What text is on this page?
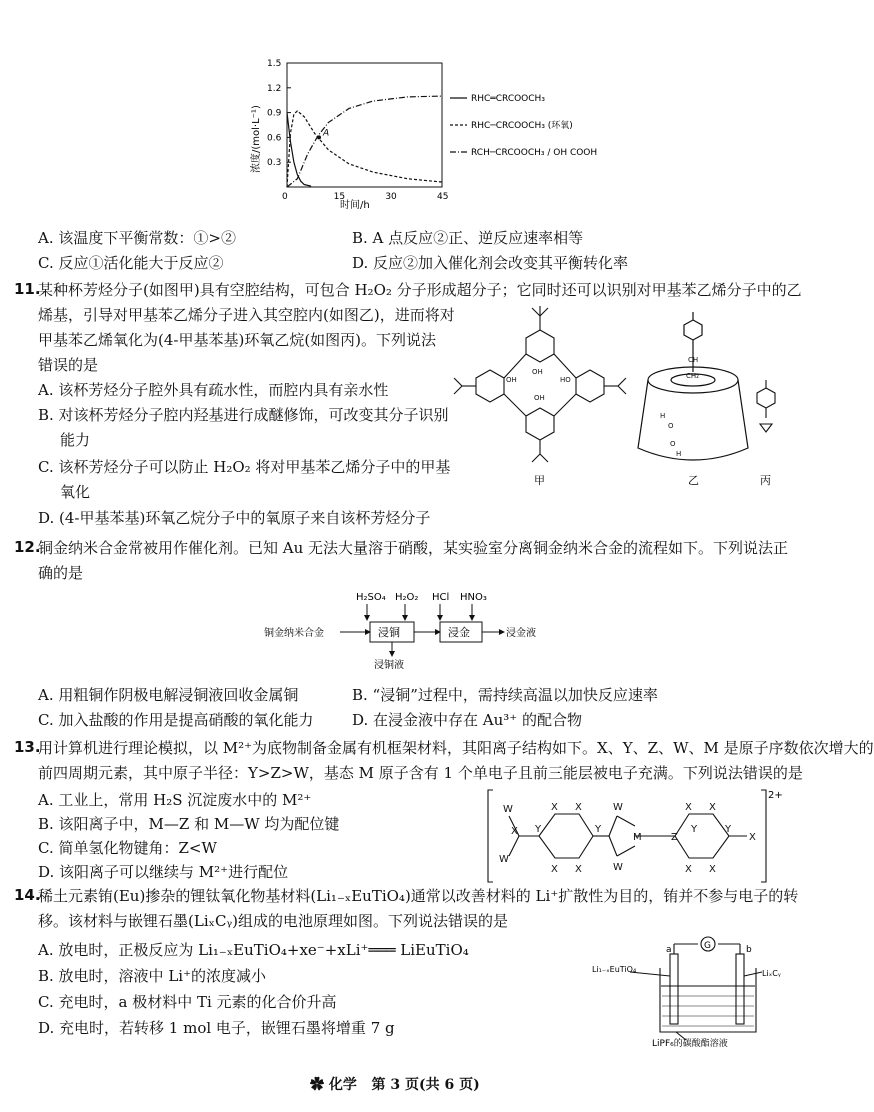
浓度/(mol·L⁻¹)
1.5
1.2
0.9
0.6
0.3
0	15	30	45
A
时间/h
RHC═CRCOOCH₃
RHC─CRCOOCH₃ (环氧)
RCH─CRCOOCH₃ / OH COOH
A. 该温度下平衡常数：①>②	B. A 点反应②正、逆反应速率相等
C. 反应①活化能大于反应②	D. 反应②加入催化剂会改变其平衡转化率
11.
某种杯芳烃分子(如图甲)具有空腔结构，可包合 H₂O₂ 分子形成超分子；它同时还可以识别对甲基苯乙烯分子中的乙
烯基，引导对甲基苯乙烯分子进入其空腔内(如图乙)，进而将对
甲基苯乙烯氧化为(4-甲基苯基)环氧乙烷(如图丙)。下列说法
错误的是
A. 该杯芳烃分子腔外具有疏水性，而腔内具有亲水性
B. 对该杯芳烃分子腔内羟基进行成醚修饰，可改变其分子识别
能力
C. 该杯芳烃分子可以防止 H₂O₂ 将对甲基苯乙烯分子中的甲基
氧化
D. (4-甲基苯基)环氧乙烷分子中的氧原子来自该杯芳烃分子
OH
OH	HO
OH
甲
CH
CH₂
H
O
O
H
乙	丙
12.
铜金纳米合金常被用作催化剂。已知 Au 无法大量溶于硝酸，某实验室分离铜金纳米合金的流程如下。下列说法正
确的是
H₂SO₄ H₂O₂ HCl HNO₃
铜金纳米合金	浸铜	浸金	浸金液
浸铜液
A. 用粗铜作阴极电解浸铜液回收金属铜	B. “浸铜”过程中，需持续高温以加快反应速率
C. 加入盐酸的作用是提高硝酸的氧化能力	D. 在浸金液中存在 Au³⁺ 的配合物
13.
用计算机进行理论模拟，以 M²⁺为底物制备金属有机框架材料，其阳离子结构如下。X、Y、Z、W、M 是原子序数依次增大的
前四周期元素，其中原子半径：Y>Z>W，基态 M 原子含有 1 个单电子且前三能层被电子充满。下列说法错误的是
A. 工业上，常用 H₂S 沉淀废水中的 M²⁺
B. 该阳离子中，M—Z 和 M—W 均为配位键
C. 简单氢化物键角：Z<W
D. 该阳离子可以继续与 M²⁺进行配位
X X
X X
X X
X X
W
W
X
W
W
M	Z	X
Y	Y	Y	Y
2+
14.
稀土元素铕(Eu)掺杂的锂钛氧化物基材料(Li₁₋ₓEuTiO₄)通常以改善材料的 Li⁺扩散性为目的，铕并不参与电子的转
移。该材料与嵌锂石墨(LiₓCᵧ)组成的电池原理如图。下列说法错误的是
A. 放电时，正极反应为 Li₁₋ₓEuTiO₄+xe⁻+xLi⁺═══ LiEuTiO₄
B. 放电时，溶液中 Li⁺的浓度减小
C. 充电时，a 极材料中 Ti 元素的化合价升高
D. 充电时，若转移 1 mol 电子，嵌锂石墨将增重 7 g
G
a	b
Li₁₋ₓEuTiO₄	LiₓCᵧ
LiPF₆的碳酸酯溶液
✿ 化学 第 3 页(共 6 页)
